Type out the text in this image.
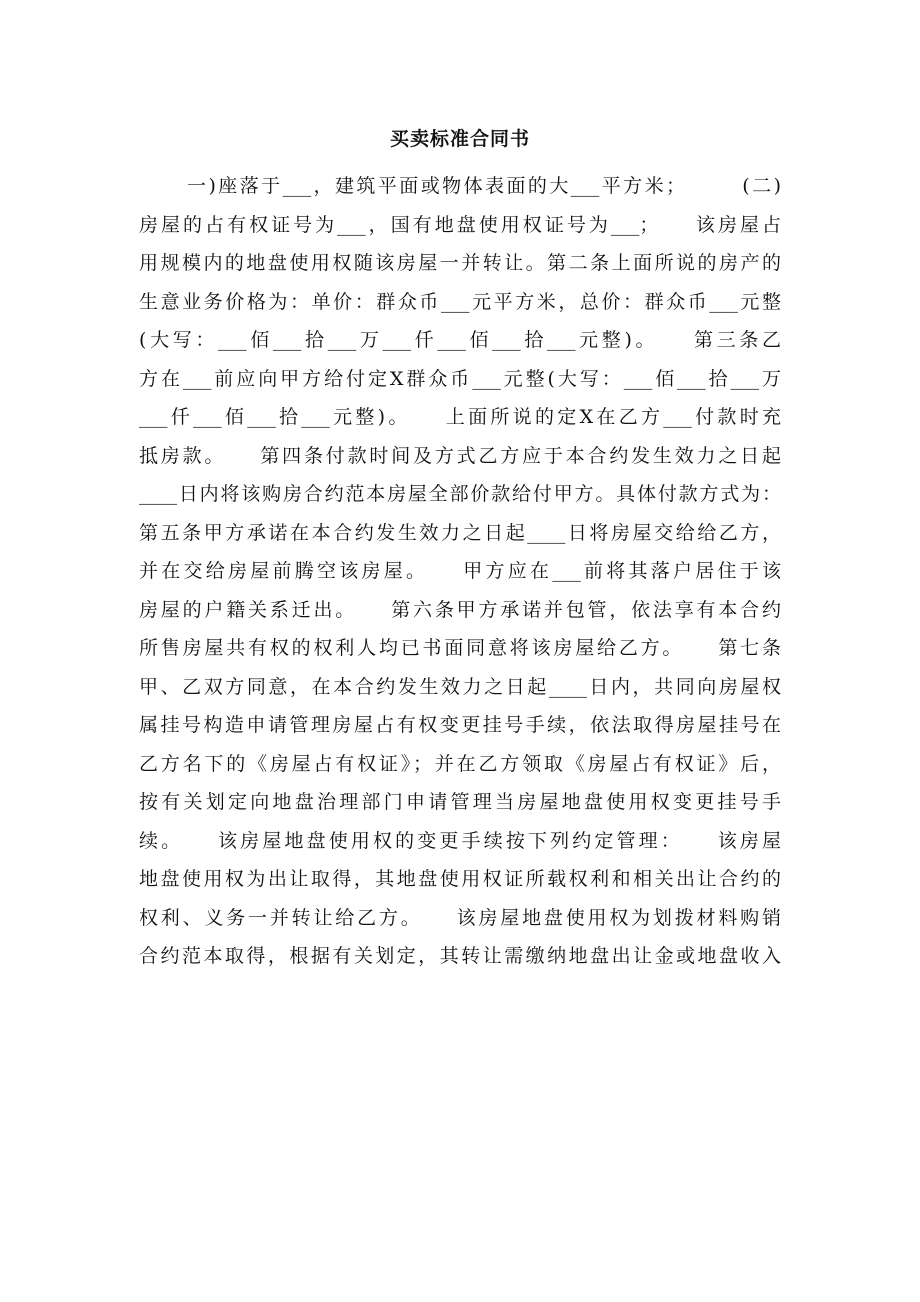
买卖标准合同书
一)座落于___，建筑平面或物体表面的大___平方米；　　　(二)
房屋的占有权证号为___，国有地盘使用权证号为___；　　该房屋占
用规模内的地盘使用权随该房屋一并转让。第二条上面所说的房产的
生意业务价格为：单价：群众币___元平方米，总价：群众币___元整
(大写：___佰___拾___万___仟___佰___拾___元整)。　　第三条乙
方在___前应向甲方给付定X群众币___元整(大写：___佰___拾___万
___仟___佰___拾___元整)。　　上面所说的定X在乙方___付款时充
抵房款。　　第四条付款时间及方式乙方应于本合约发生效力之日起
____日内将该购房合约范本房屋全部价款给付甲方。具体付款方式为：
第五条甲方承诺在本合约发生效力之日起____日将房屋交给给乙方，
并在交给房屋前腾空该房屋。　　甲方应在___前将其落户居住于该
房屋的户籍关系迁出。　　第六条甲方承诺并包管，依法享有本合约
所售房屋共有权的权利人均已书面同意将该房屋给乙方。　　第七条
甲、乙双方同意，在本合约发生效力之日起____日内，共同向房屋权
属挂号构造申请管理房屋占有权变更挂号手续，依法取得房屋挂号在
乙方名下的《房屋占有权证》；并在乙方领取《房屋占有权证》后，
按有关划定向地盘治理部门申请管理当房屋地盘使用权变更挂号手
续。　　该房屋地盘使用权的变更手续按下列约定管理：　　该房屋
地盘使用权为出让取得，其地盘使用权证所载权利和相关出让合约的
权利、义务一并转让给乙方。　　该房屋地盘使用权为划拨材料购销
合约范本取得，根据有关划定，其转让需缴纳地盘出让金或地盘收入
